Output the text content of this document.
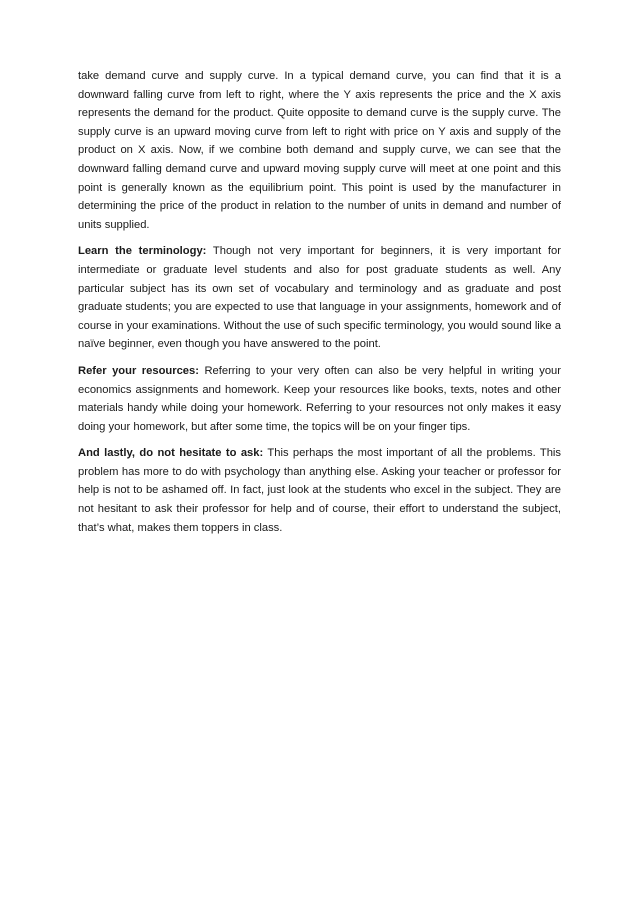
take demand curve and supply curve. In a typical demand curve, you can find that it is a downward falling curve from left to right, where the Y axis represents the price and the X axis represents the demand for the product. Quite opposite to demand curve is the supply curve. The supply curve is an upward moving curve from left to right with price on Y axis and supply of the product on X axis. Now, if we combine both demand and supply curve, we can see that the downward falling demand curve and upward moving supply curve will meet at one point and this point is generally known as the equilibrium point. This point is used by the manufacturer in determining the price of the product in relation to the number of units in demand and number of units supplied.

Learn the terminology: Though not very important for beginners, it is very important for intermediate or graduate level students and also for post graduate students as well. Any particular subject has its own set of vocabulary and terminology and as graduate and post graduate students; you are expected to use that language in your assignments, homework and of course in your examinations. Without the use of such specific terminology, you would sound like a naïve beginner, even though you have answered to the point.

Refer your resources: Referring to your very often can also be very helpful in writing your economics assignments and homework. Keep your resources like books, texts, notes and other materials handy while doing your homework. Referring to your resources not only makes it easy doing your homework, but after some time, the topics will be on your finger tips.

And lastly, do not hesitate to ask: This perhaps the most important of all the problems. This problem has more to do with psychology than anything else. Asking your teacher or professor for help is not to be ashamed off. In fact, just look at the students who excel in the subject. They are not hesitant to ask their professor for help and of course, their effort to understand the subject, that’s what, makes them toppers in class.
